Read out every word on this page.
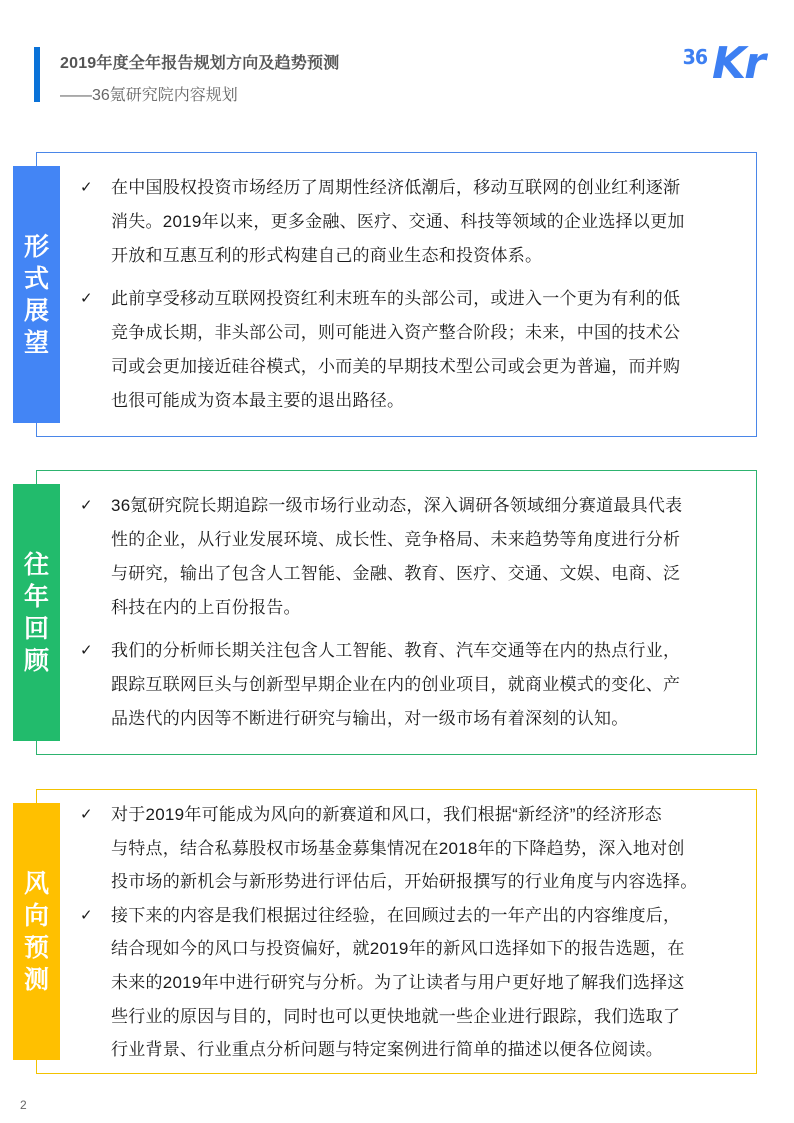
2019年度全年报告规划方向及趋势预测
——36氪研究院内容规划
36 Kr
形
式
展
望
✓ 在中国股权投资市场经历了周期性经济低潮后，移动互联网的创业红利逐渐
消失。2019年以来，更多金融、医疗、交通、科技等领域的企业选择以更加
开放和互惠互利的形式构建自己的商业生态和投资体系。
✓ 此前享受移动互联网投资红利末班车的头部公司，或进入一个更为有利的低
竞争成长期，非头部公司，则可能进入资产整合阶段；未来，中国的技术公
司或会更加接近硅谷模式，小而美的早期技术型公司或会更为普遍，而并购
也很可能成为资本最主要的退出路径。
往
年
回
顾
✓ 36氪研究院长期追踪一级市场行业动态，深入调研各领域细分赛道最具代表
性的企业，从行业发展环境、成长性、竞争格局、未来趋势等角度进行分析
与研究，输出了包含人工智能、金融、教育、医疗、交通、文娱、电商、泛
科技在内的上百份报告。
✓ 我们的分析师长期关注包含人工智能、教育、汽车交通等在内的热点行业，
跟踪互联网巨头与创新型早期企业在内的创业项目，就商业模式的变化、产
品迭代的内因等不断进行研究与输出，对一级市场有着深刻的认知。
风
向
预
测
✓ 对于2019年可能成为风向的新赛道和风口，我们根据“新经济”的经济形态
与特点，结合私募股权市场基金募集情况在2018年的下降趋势，深入地对创
投市场的新机会与新形势进行评估后，开始研报撰写的行业角度与内容选择。
✓ 接下来的内容是我们根据过往经验，在回顾过去的一年产出的内容维度后，
结合现如今的风口与投资偏好，就2019年的新风口选择如下的报告选题，在
未来的2019年中进行研究与分析。为了让读者与用户更好地了解我们选择这
些行业的原因与目的，同时也可以更快地就一些企业进行跟踪，我们选取了
行业背景、行业重点分析问题与特定案例进行简单的描述以便各位阅读。
2
